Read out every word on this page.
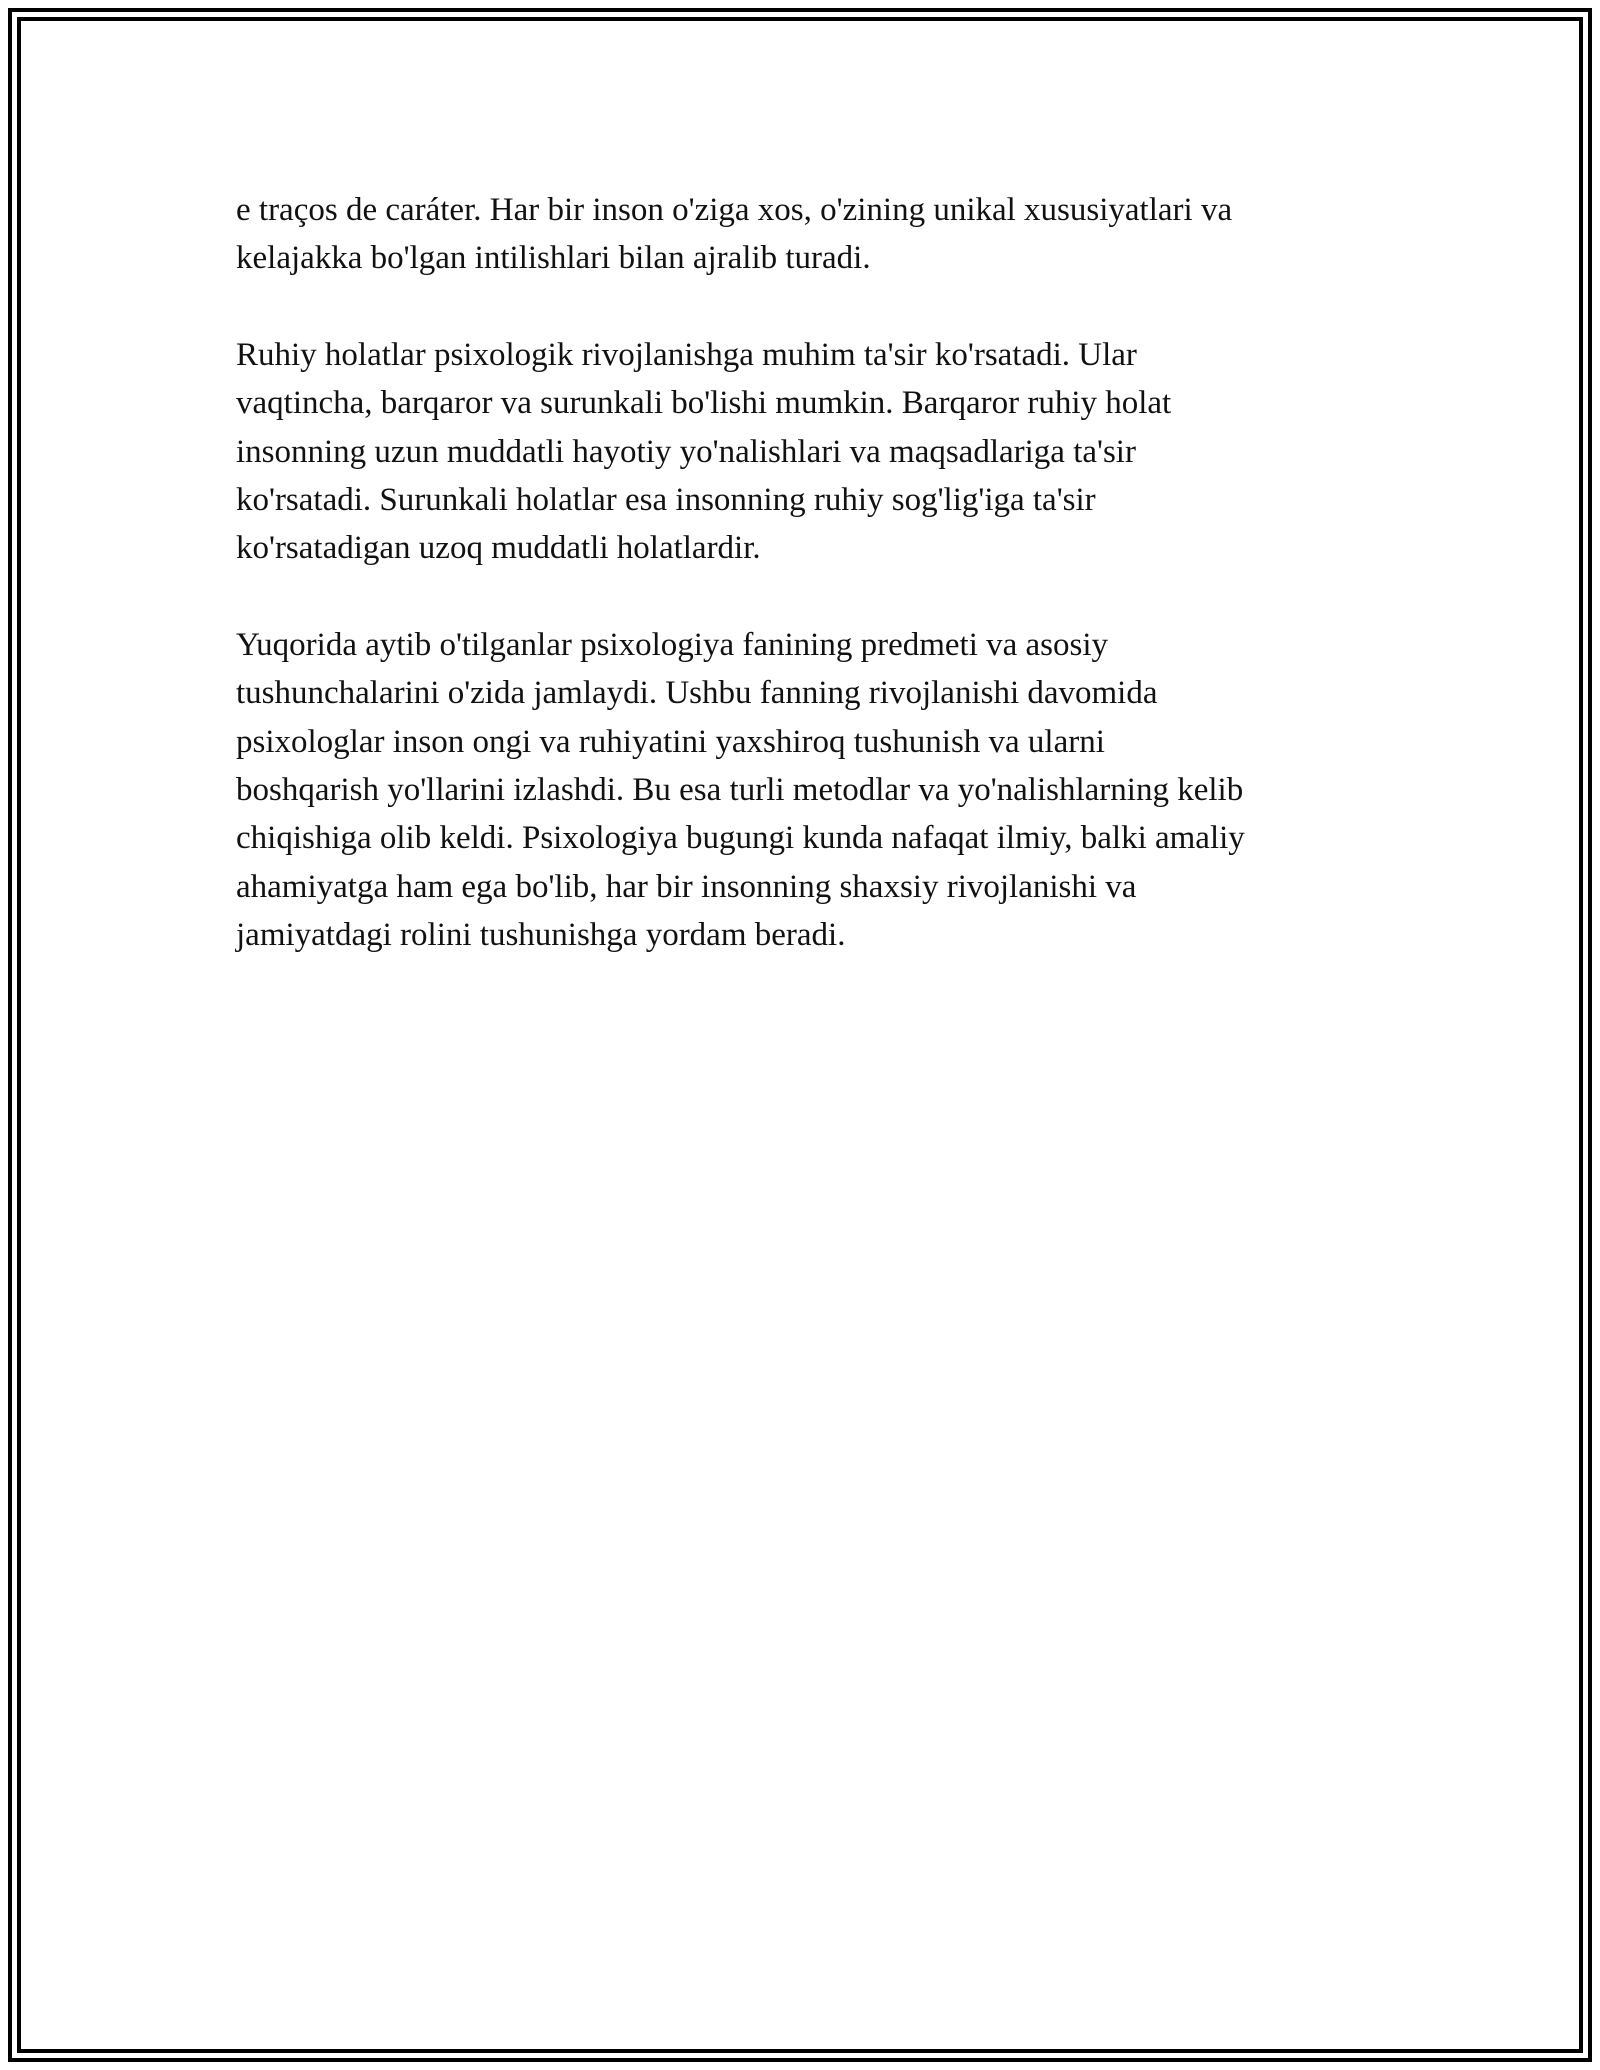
e traços de caráter. Har bir inson o'ziga xos, o'zining unikal xususiyatlari va
kelajakka bo'lgan intilishlari bilan ajralib turadi.

Ruhiy holatlar psixologik rivojlanishga muhim ta'sir ko'rsatadi. Ular
vaqtincha, barqaror va surunkali bo'lishi mumkin. Barqaror ruhiy holat
insonning uzun muddatli hayotiy yo'nalishlari va maqsadlariga ta'sir
ko'rsatadi. Surunkali holatlar esa insonning ruhiy sog'lig'iga ta'sir
ko'rsatadigan uzoq muddatli holatlardir.

Yuqorida aytib o'tilganlar psixologiya fanining predmeti va asosiy
tushunchalarini o'zida jamlaydi. Ushbu fanning rivojlanishi davomida
psixologlar inson ongi va ruhiyatini yaxshiroq tushunish va ularni
boshqarish yo'llarini izlashdi. Bu esa turli metodlar va yo'nalishlarning kelib
chiqishiga olib keldi. Psixologiya bugungi kunda nafaqat ilmiy, balki amaliy
ahamiyatga ham ega bo'lib, har bir insonning shaxsiy rivojlanishi va
jamiyatdagi rolini tushunishga yordam beradi.
